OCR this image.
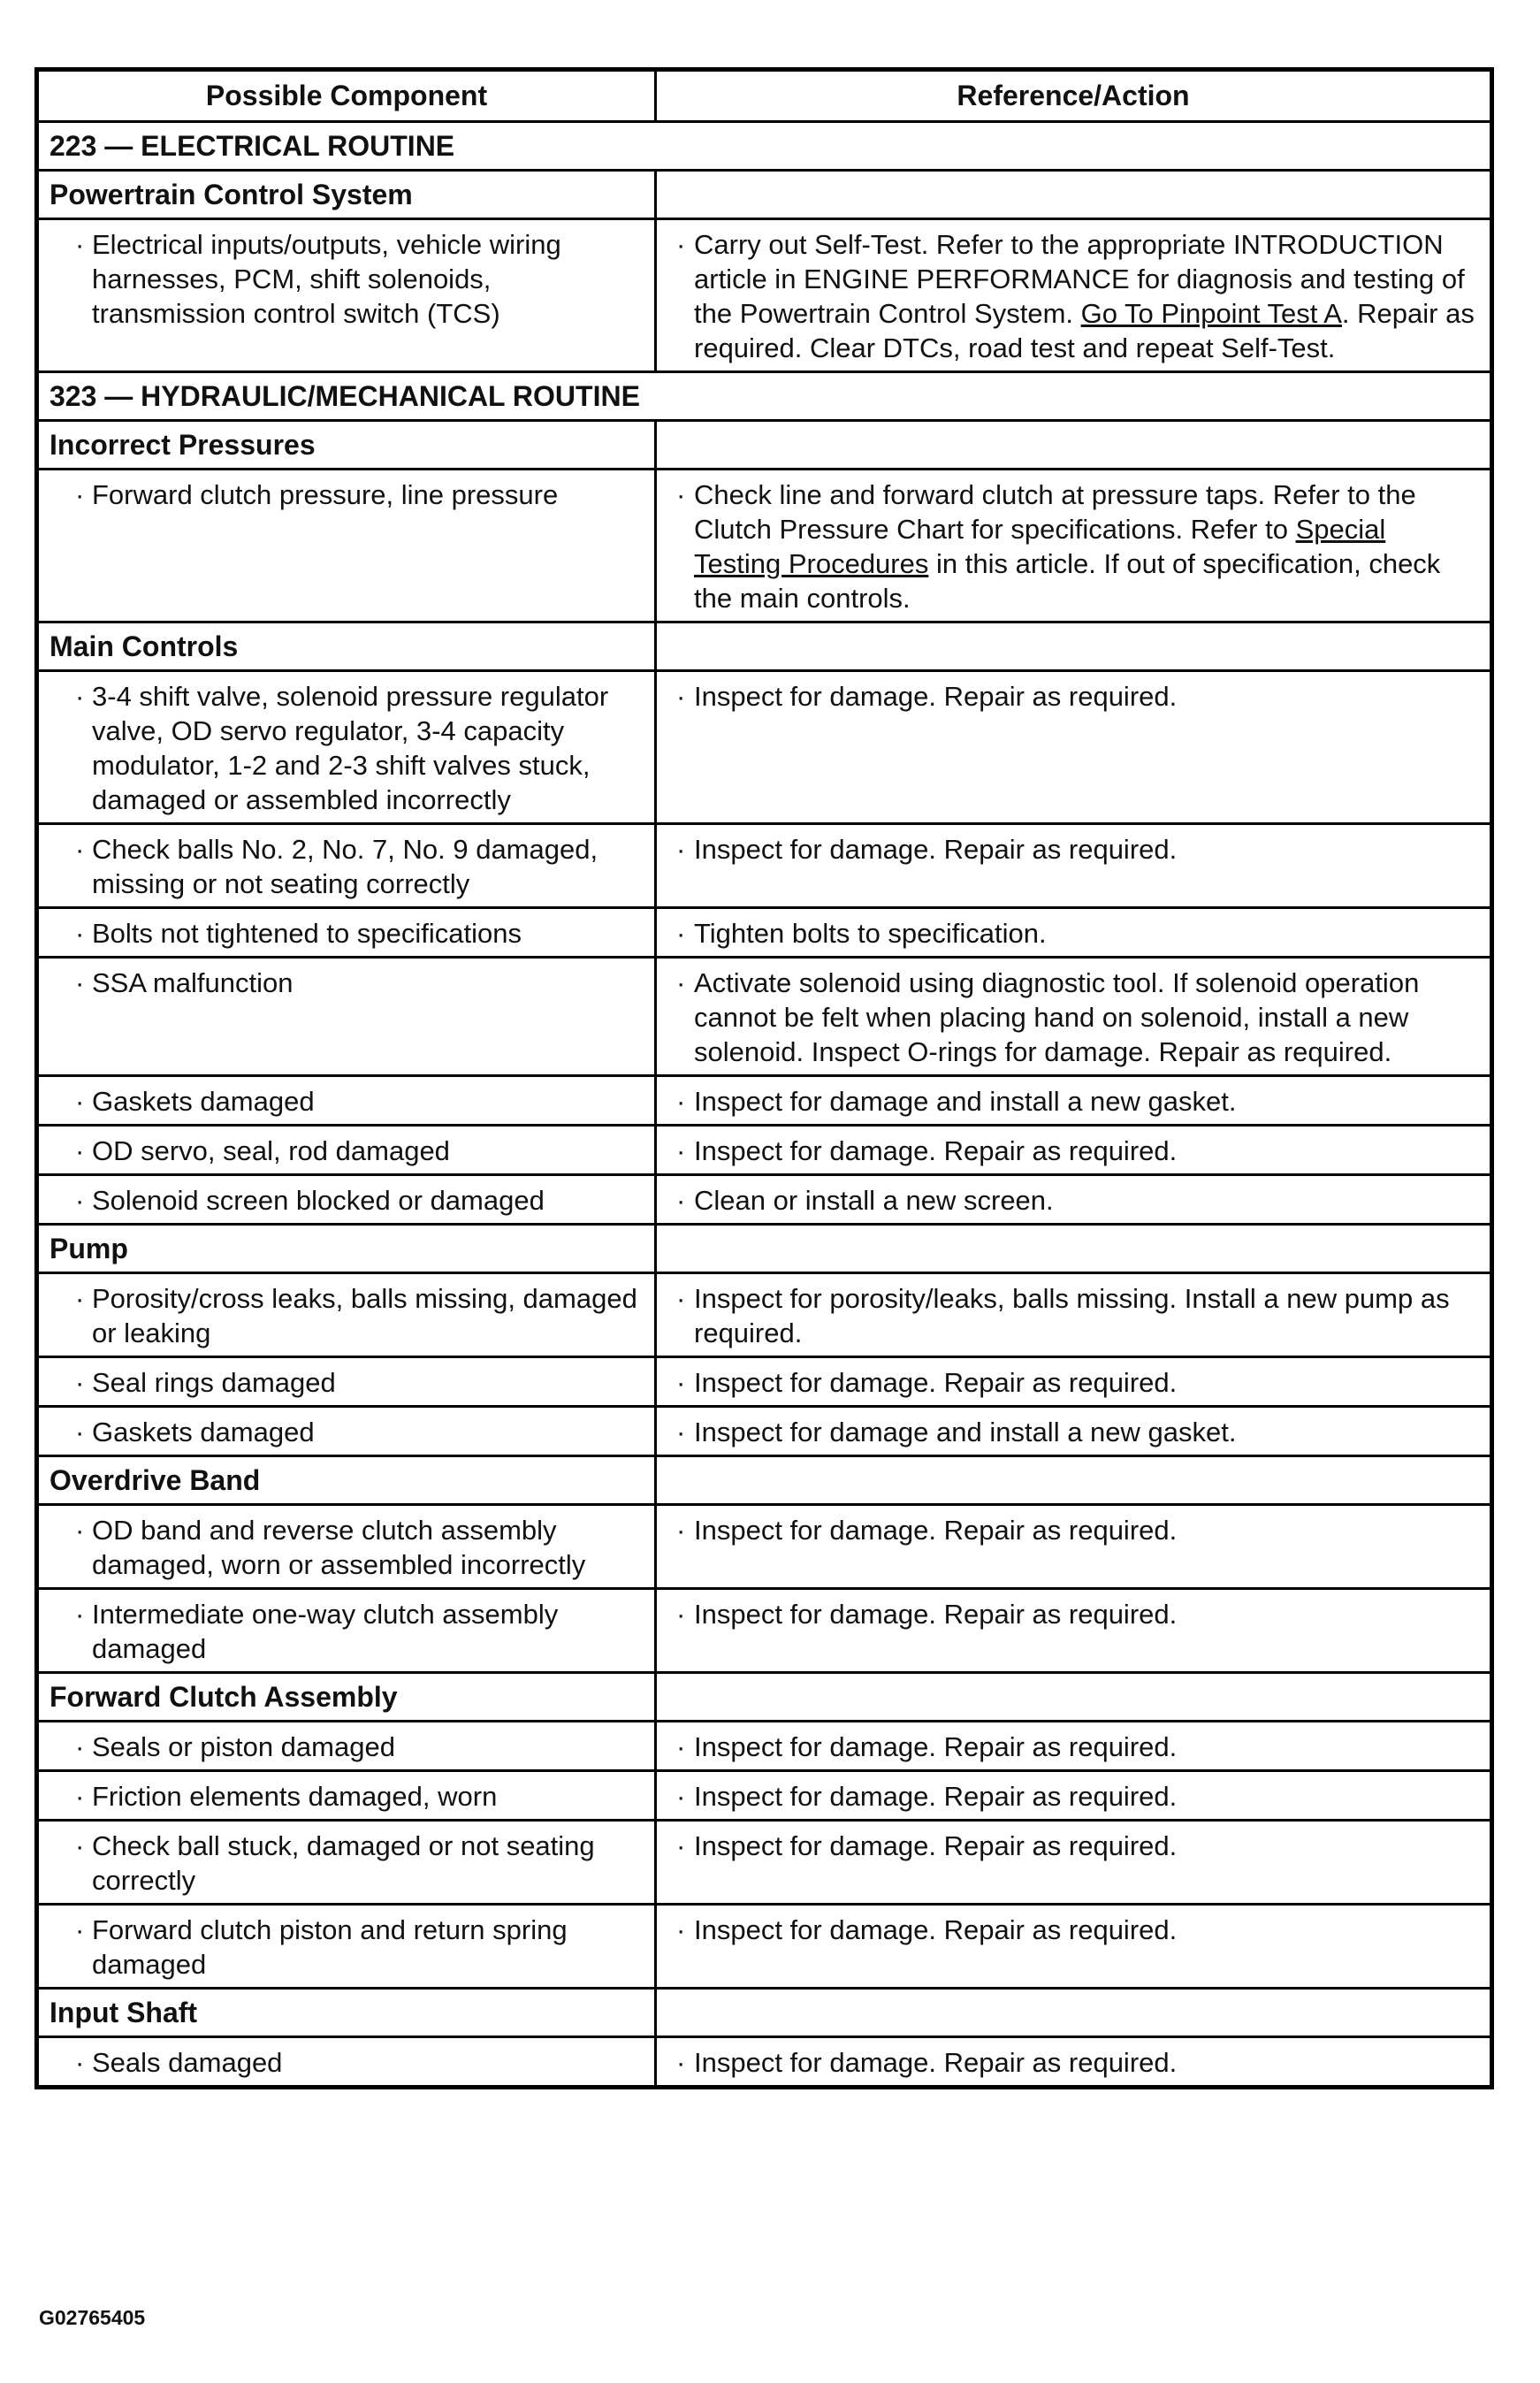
Possible Component	Reference/Action
223 — ELECTRICAL ROUTINE	
Powertrain Control System	

· Electrical inputs/outputs, vehicle wiring harnesses, PCM, shift solenoids, transmission control switch (TCS)	· Carry out Self-Test. Refer to the appropriate INTRODUCTION article in ENGINE PERFORMANCE for diagnosis and testing of the Powertrain Control System. Go To Pinpoint Test A. Repair as required. Clear DTCs, road test and repeat Self-Test.

323 — HYDRAULIC/MECHANICAL ROUTINE	
Incorrect Pressures	

· Forward clutch pressure, line pressure	· Check line and forward clutch at pressure taps. Refer to the Clutch Pressure Chart for specifications. Refer to Special Testing Procedures in this article. If out of specification, check the main controls.

Main Controls	

· 3-4 shift valve, solenoid pressure regulator valve, OD servo regulator, 3-4 capacity modulator, 1-2 and 2-3 shift valves stuck, damaged or assembled incorrectly	· Inspect for damage. Repair as required.

· Check balls No. 2, No. 7, No. 9 damaged, missing or not seating correctly	· Inspect for damage. Repair as required.

· Bolts not tightened to specifications	· Tighten bolts to specification.

· SSA malfunction	· Activate solenoid using diagnostic tool. If solenoid operation cannot be felt when placing hand on solenoid, install a new solenoid. Inspect O-rings for damage. Repair as required.

· Gaskets damaged	· Inspect for damage and install a new gasket.

· OD servo, seal, rod damaged	· Inspect for damage. Repair as required.

· Solenoid screen blocked or damaged	· Clean or install a new screen.

Pump	

· Porosity/cross leaks, balls missing, damaged or leaking	· Inspect for porosity/leaks, balls missing. Install a new pump as required.

· Seal rings damaged	· Inspect for damage. Repair as required.

· Gaskets damaged	· Inspect for damage and install a new gasket.

Overdrive Band	

· OD band and reverse clutch assembly damaged, worn or assembled incorrectly	· Inspect for damage. Repair as required.

· Intermediate one-way clutch assembly damaged	· Inspect for damage. Repair as required.

Forward Clutch Assembly	

· Seals or piston damaged	· Inspect for damage. Repair as required.

· Friction elements damaged, worn	· Inspect for damage. Repair as required.

· Check ball stuck, damaged or not seating correctly	· Inspect for damage. Repair as required.

· Forward clutch piston and return spring damaged	· Inspect for damage. Repair as required.

Input Shaft	

· Seals damaged	· Inspect for damage. Repair as required.
G02765405
